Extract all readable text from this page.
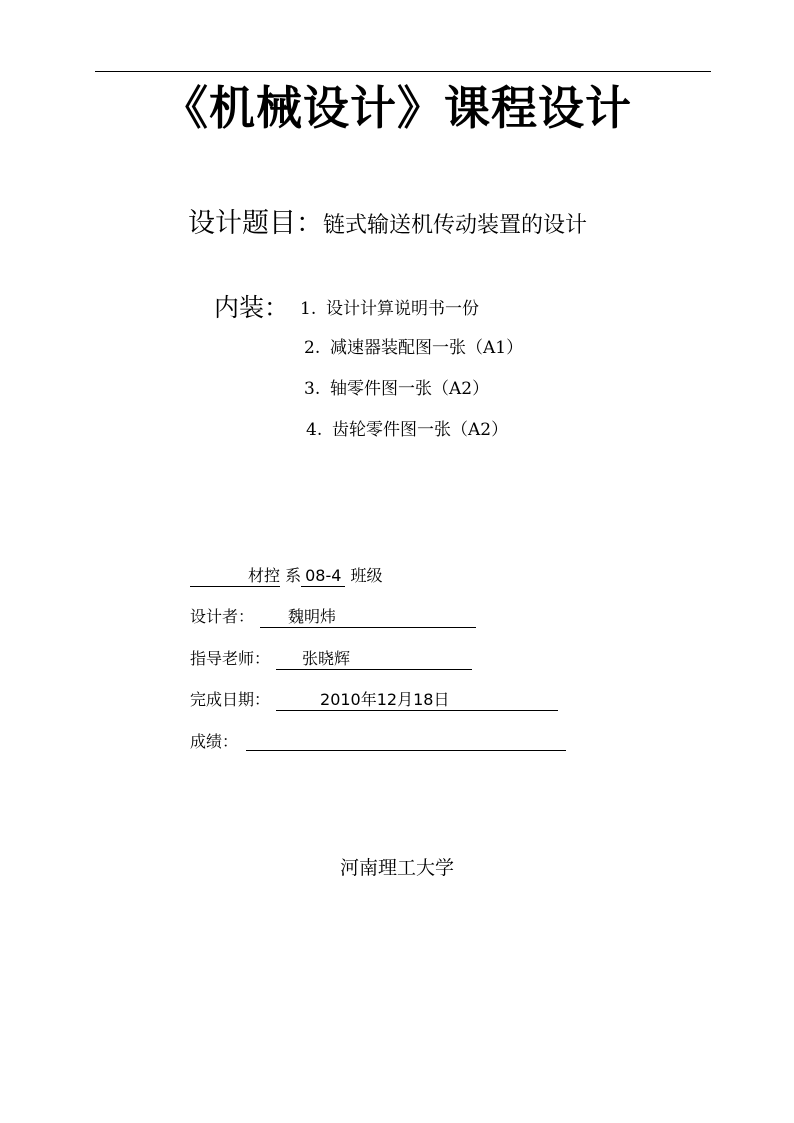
《机械设计》课程设计
设计题目：链式输送机传动装置的设计
内装： 1. 设计计算说明书一份
2. 减速器装配图一张（A1）
3. 轴零件图一张（A2）
4. 齿轮零件图一张（A2）
材控 系 08-4 班级
设计者： 魏明炜
指导老师： 张晓辉
完成日期：	2010年12月18日
成绩：
河南理工大学
